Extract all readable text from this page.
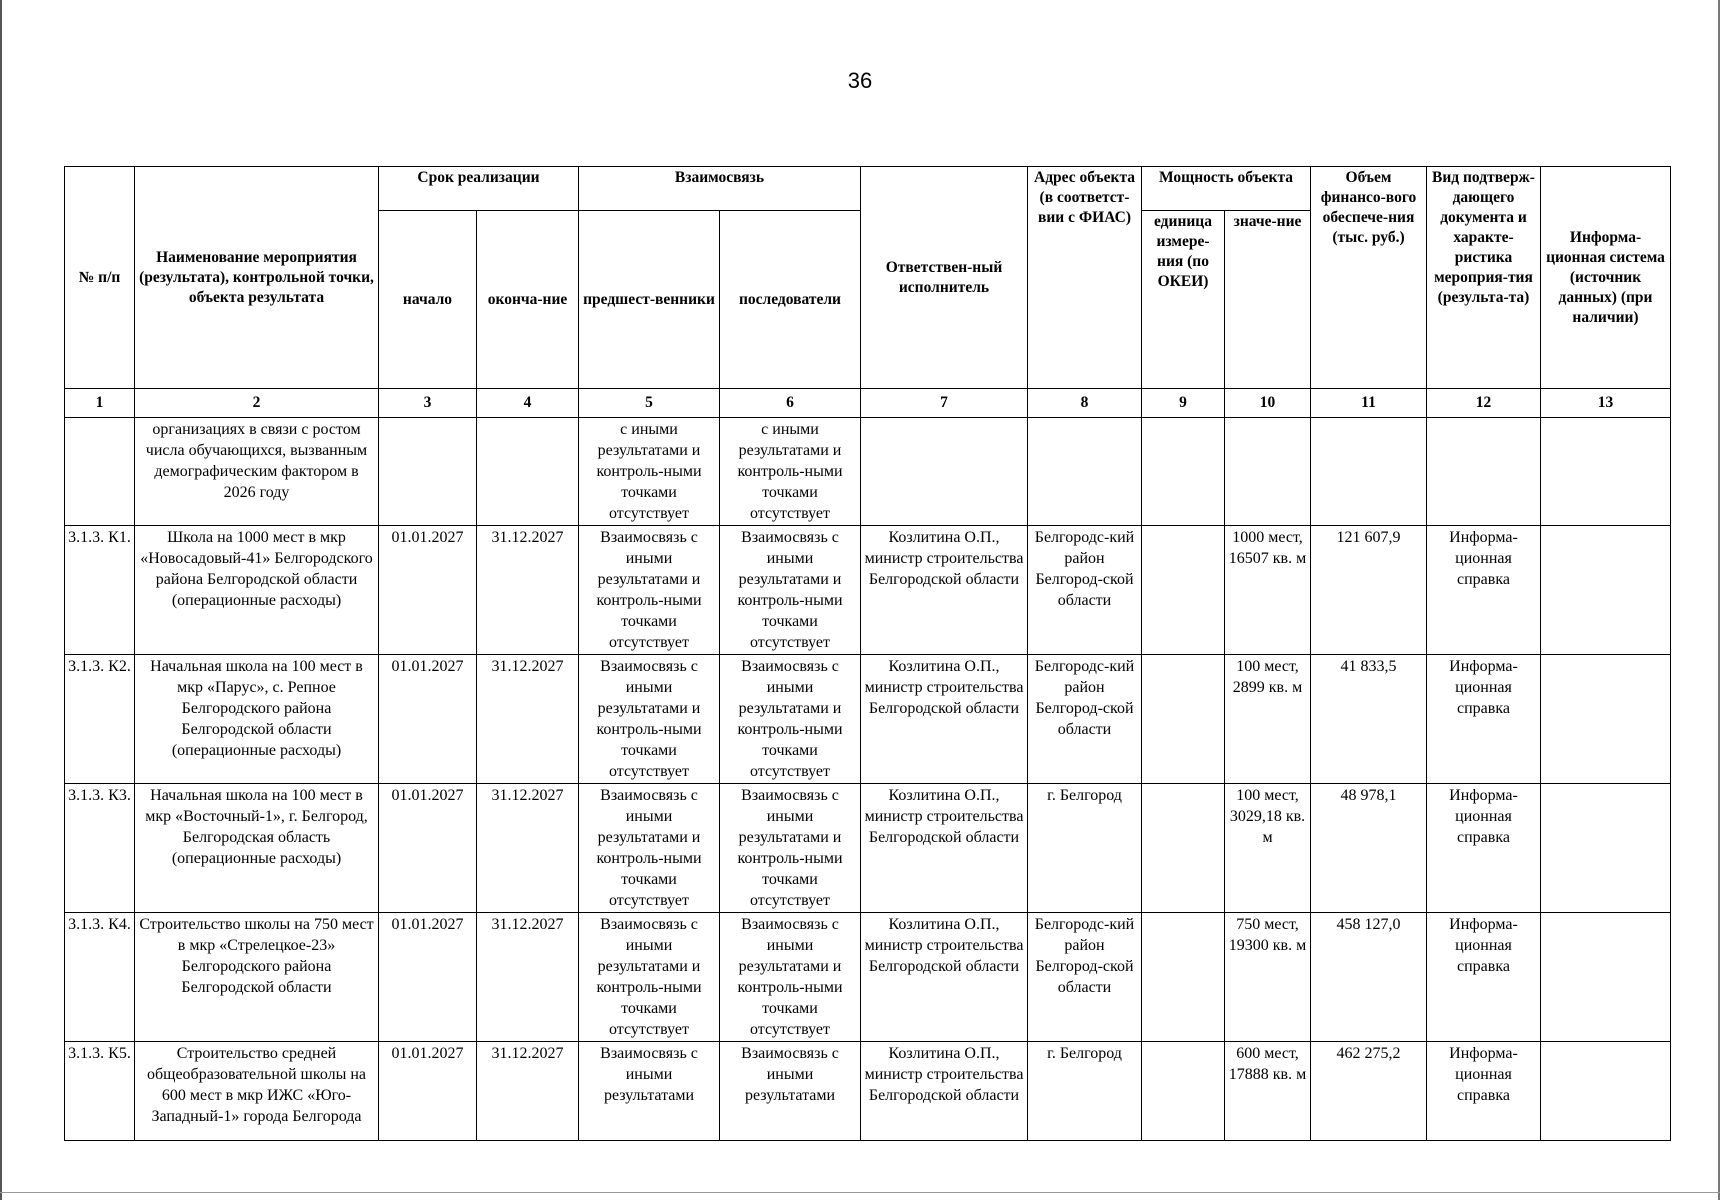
36
№ п/п	Наименование мероприятия (результата), контрольной точки, объекта результата	Срок реализации		Взаимосвязь		Ответствен-ный исполнитель	Адрес объекта (в соответст-вии с ФИАС)	Мощность объекта		Объем финансо-вого обеспече-ния (тыс. руб.)	Вид подтверж-дающего документа и характе-ристика мероприя-тия (результа-та)	Информа-ционная система (источник данных) (при наличии)
		начало	оконча-ние	предшест-венники	последователи			единица измере-ния (по ОКЕИ)	значе-ние			
1	2	3	4	5	6	7	8	9	10	11	12	13
	организациях в связи с ростом числа обучающихся, вызванным демографическим фактором в 2026 году			с иными результатами и контроль-ными точками отсутствует	с иными результатами и контроль-ными точками отсутствует							
3.1.3. К1.	Школа на 1000 мест в мкр «Новосадовый-41» Белгородского района Белгородской области (операционные расходы)	01.01.2027	31.12.2027	Взаимосвязь с иными результатами и контроль-ными точками отсутствует	Взаимосвязь с иными результатами и контроль-ными точками отсутствует	Козлитина О.П., министр строительства Белгородской области	Белгородс-кий район Белгород-ской области		1000 мест, 16507 кв. м	121 607,9	Информа-ционная справка	
3.1.3. К2.	Начальная школа на 100 мест в мкр «Парус», с. Репное Белгородского района Белгородской области (операционные расходы)	01.01.2027	31.12.2027	Взаимосвязь с иными результатами и контроль-ными точками отсутствует	Взаимосвязь с иными результатами и контроль-ными точками отсутствует	Козлитина О.П., министр строительства Белгородской области	Белгородс-кий район Белгород-ской области		100 мест, 2899 кв. м	41 833,5	Информа-ционная справка	
3.1.3. К3.	Начальная школа на 100 мест в мкр «Восточный-1», г. Белгород, Белгородская область (операционные расходы)	01.01.2027	31.12.2027	Взаимосвязь с иными результатами и контроль-ными точками отсутствует	Взаимосвязь с иными результатами и контроль-ными точками отсутствует	Козлитина О.П., министр строительства Белгородской области	г. Белгород		100 мест, 3029,18 кв. м	48 978,1	Информа-ционная справка	
3.1.3. К4.	Строительство школы на 750 мест в мкр «Стрелецкое-23» Белгородского района Белгородской области	01.01.2027	31.12.2027	Взаимосвязь с иными результатами и контроль-ными точками отсутствует	Взаимосвязь с иными результатами и контроль-ными точками отсутствует	Козлитина О.П., министр строительства Белгородской области	Белгородс-кий район Белгород-ской области		750 мест, 19300 кв. м	458 127,0	Информа-ционная справка	
3.1.3. К5.	Строительство средней общеобразовательной школы на 600 мест в мкр ИЖС «Юго-Западный-1» города Белгорода	01.01.2027	31.12.2027	Взаимосвязь с иными результатами	Взаимосвязь с иными результатами	Козлитина О.П., министр строительства Белгородской области	г. Белгород		600 мест, 17888 кв. м	462 275,2	Информа-ционная справка	
